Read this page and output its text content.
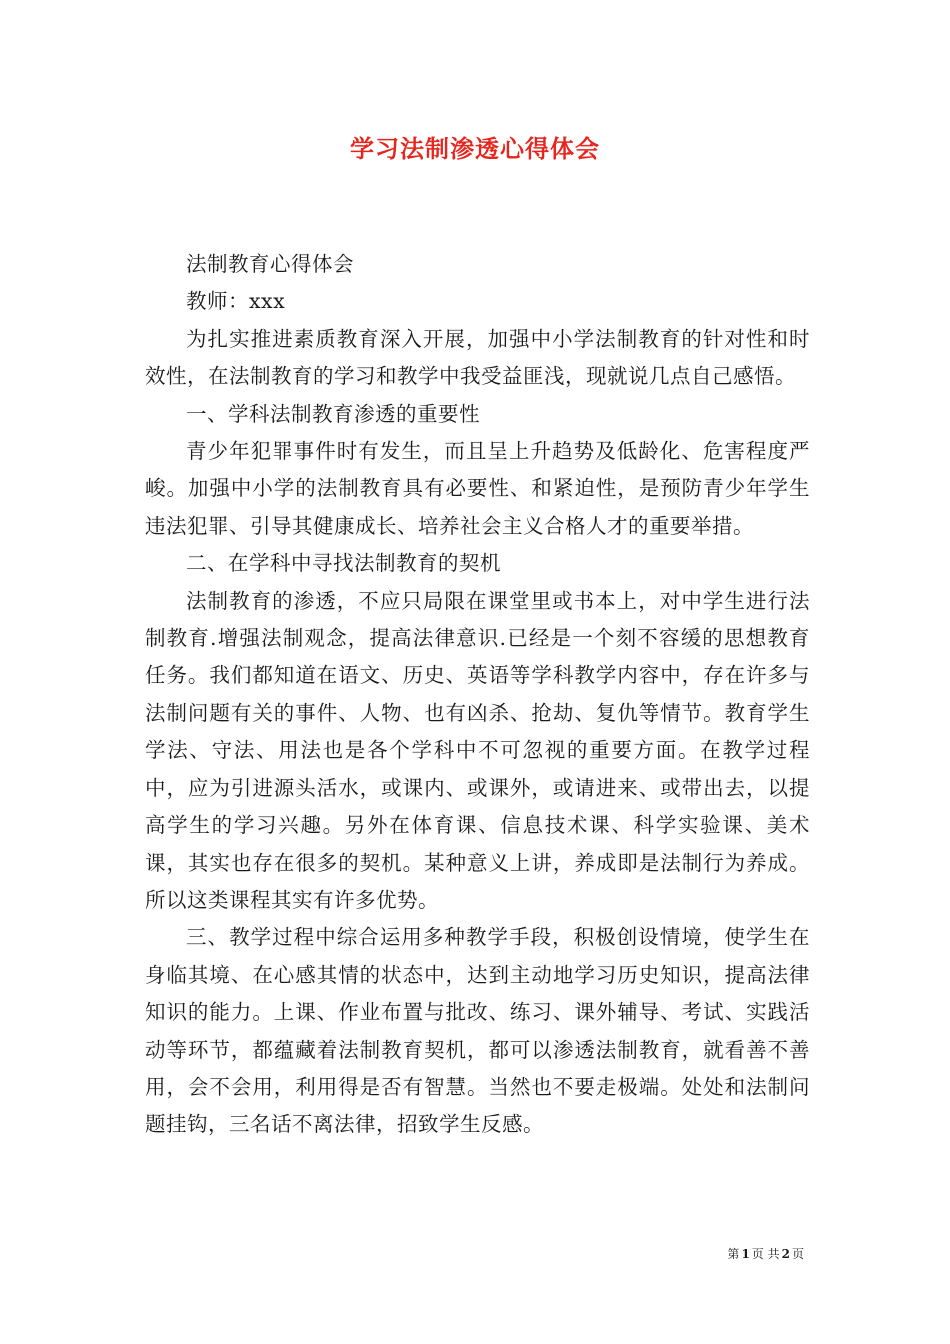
学习法制渗透心得体会

法制教育心得体会

教师：xxx

为扎实推进素质教育深入开展，加强中小学法制教育的针对性和时效性，在法制教育的学习和教学中我受益匪浅，现就说几点自己感悟。

一、学科法制教育渗透的重要性

青少年犯罪事件时有发生，而且呈上升趋势及低龄化、危害程度严峻。加强中小学的法制教育具有必要性、和紧迫性，是预防青少年学生违法犯罪、引导其健康成长、培养社会主义合格人才的重要举措。

二、在学科中寻找法制教育的契机

法制教育的渗透，不应只局限在课堂里或书本上，对中学生进行法制教育.增强法制观念，提高法律意识.已经是一个刻不容缓的思想教育任务。我们都知道在语文、历史、英语等学科教学内容中，存在许多与法制问题有关的事件、人物、也有凶杀、抢劫、复仇等情节。教育学生学法、守法、用法也是各个学科中不可忽视的重要方面。在教学过程中，应为引进源头活水，或课内、或课外，或请进来、或带出去，以提高学生的学习兴趣。另外在体育课、信息技术课、科学实验课、美术课，其实也存在很多的契机。某种意义上讲，养成即是法制行为养成。所以这类课程其实有许多优势。

三、教学过程中综合运用多种教学手段，积极创设情境，使学生在身临其境、在心感其情的状态中，达到主动地学习历史知识，提高法律知识的能力。上课、作业布置与批改、练习、课外辅导、考试、实践活动等环节，都蕴藏着法制教育契机，都可以渗透法制教育，就看善不善用，会不会用，利用得是否有智慧。当然也不要走极端。处处和法制问题挂钩，三名话不离法律，招致学生反感。

第 1 页 共 2 页
